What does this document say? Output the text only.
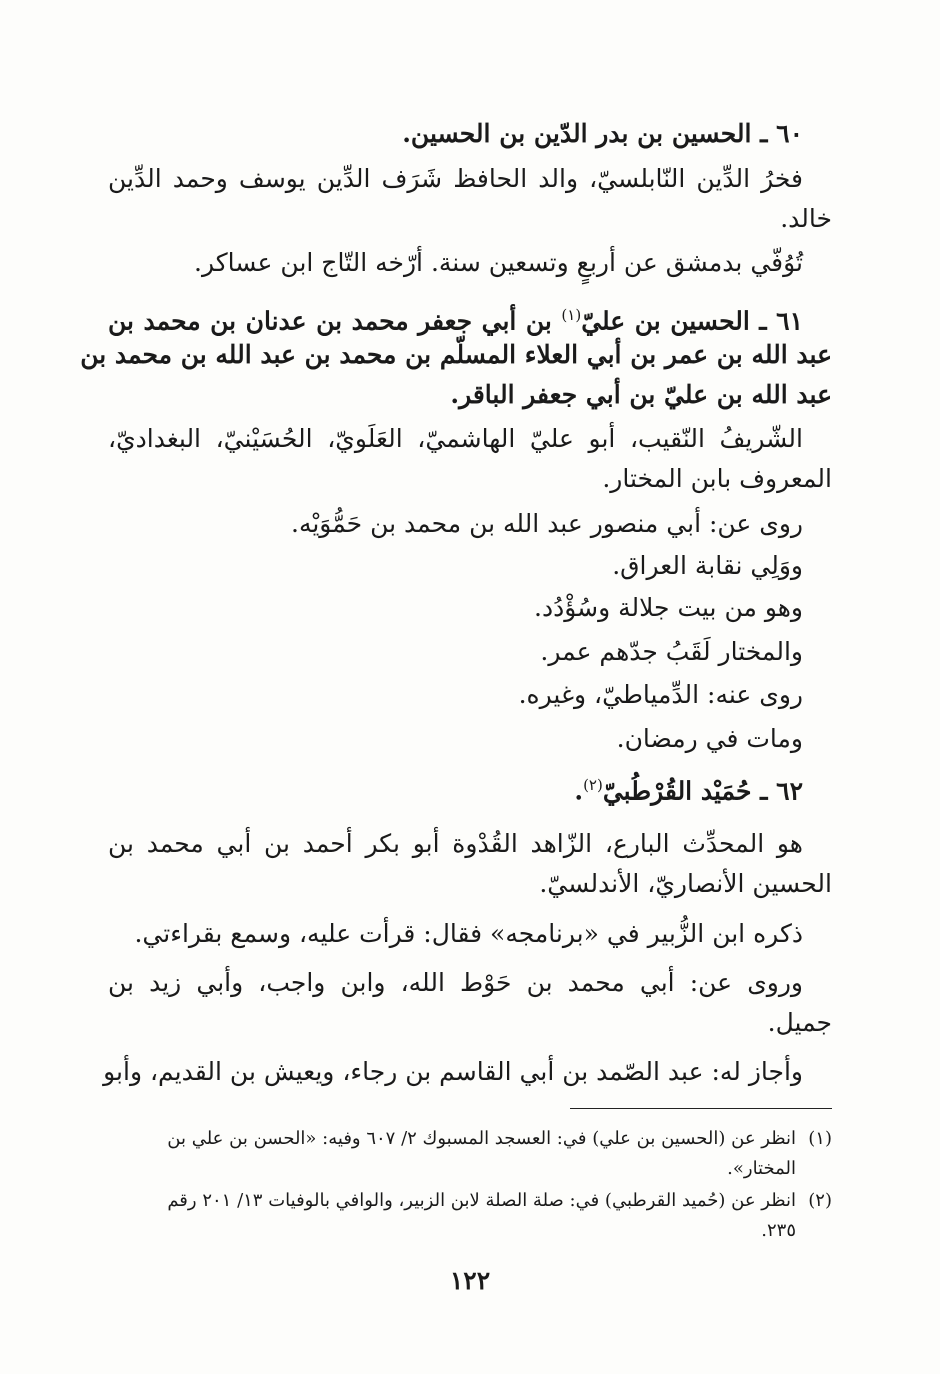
٦٠ ـ الحسين بن بدر الدّين بن الحسين.
فخرُ الدِّين النّابلسيّ، والد الحافظ شَرَف الدِّين يوسف وحمد الدِّين
خالد.
تُوُفّي بدمشق عن أربعٍ وتسعين سنة. أرّخه التّاج ابن عساكر.
٦١ ـ الحسين بن عليّ$^{(١)}$ بن أبي جعفر محمد بن عدنان بن محمد بن
عبد الله بن عمر بن أبي العلاء المسلّم بن محمد بن عبد الله بن محمد بن
عبد الله بن عليّ بن أبي جعفر الباقر.
الشّريفُ النّقيب، أبو عليّ الهاشميّ، العَلَويّ، الحُسَيْنيّ، البغداديّ،
المعروف بابن المختار.
روى عن: أبي منصور عبد الله بن محمد بن حَمُّوَيْه.
ووَلِي نقابة العراق.
وهو من بيت جلالة وسُؤْدُد.
والمختار لَقَبُ جدّهم عمر.
روى عنه: الدِّمياطيّ، وغيره.
ومات في رمضان.
٦٢ ـ حُمَيْد القُرْطُبيّ$^{(٢)}$.
هو المحدِّث البارع، الزّاهد القُدْوة أبو بكر أحمد بن أبي محمد بن
الحسين الأنصاريّ، الأندلسيّ.
ذكره ابن الزُّبير في «برنامجه» فقال: قرأت عليه، وسمع بقراءتي.
وروى عن: أبي محمد بن حَوْط الله، وابن واجب، وأبي زيد بن
جميل.
وأجاز له: عبد الصّمد بن أبي القاسم بن رجاء، ويعيش بن القديم، وأبو
(١)انظر عن (الحسين بن علي) في: العسجد المسبوك ٢/ ٦٠٧ وفيه: «الحسن بن علي بن
المختار».
(٢)انظر عن (حُميد القرطبي) في: صلة الصلة لابن الزبير، والوافي بالوفيات ١٣/ ٢٠١ رقم
٢٣٥.
١٢٢
